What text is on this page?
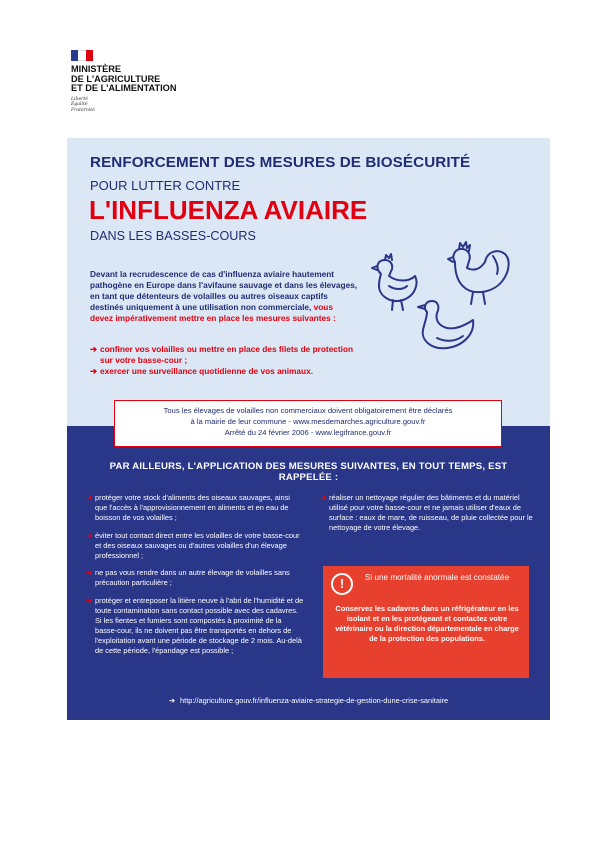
MINISTÈRE
DE L'AGRICULTURE
ET DE L'ALIMENTATION
Liberté
Égalité
Fraternité
RENFORCEMENT DES MESURES DE BIOSÉCURITÉ
POUR LUTTER CONTRE
L'INFLUENZA AVIAIRE
DANS LES BASSES-COURS
Devant la recrudescence de cas d'influenza aviaire hautement pathogène en Europe dans l'avifaune sauvage et dans les élevages, en tant que détenteurs de volailles ou autres oiseaux captifs destinés uniquement à une utilisation non commerciale, vous devez impérativement mettre en place les mesures suivantes :
➔ confiner vos volailles ou mettre en place des filets de protection sur votre basse-cour ;
➔ exercer une surveillance quotidienne de vos animaux.
PAR AILLEURS, L'APPLICATION DES MESURES SUIVANTES, EN TOUT TEMPS, EST RAPPELÉE :
➔ protéger votre stock d'aliments des oiseaux sauvages, ainsi que l'accès à l'approvisionnement en aliments et en eau de boisson de vos volailles ;
➔ éviter tout contact direct entre les volailles de votre basse-cour et des oiseaux sauvages ou d'autres volailles d'un élevage professionnel ;
➔ ne pas vous rendre dans un autre élevage de volailles sans précaution particulière ;
➔ protéger et entreposer la litière neuve à l'abri de l'humidité et de toute contamination sans contact possible avec des cadavres. Si les fientes et fumiers sont compostés à proximité de la basse-cour, ils ne doivent pas être transportés en dehors de l'exploitation avant une période de stockage de 2 mois. Au-delà de cette période, l'épandage est possible ;
➔ réaliser un nettoyage régulier des bâtiments et du matériel utilisé pour votre basse-cour et ne jamais utiliser d'eaux de surface : eaux de mare, de ruisseau, de pluie collectée pour le nettoyage de votre élevage.
!	Si une mortalité anormale est constatée
Conservez les cadavres dans un réfrigérateur en les isolant et en les protégeant et contactez votre vétérinaire ou la direction départementale en charge de la protection des populations.
➔ http://agriculture.gouv.fr/influenza-aviaire-strategie-de-gestion-dune-crise-sanitaire
Tous les élevages de volailles non commerciaux doivent obligatoirement être déclarés
à la mairie de leur commune - www.mesdemarches.agriculture.gouv.fr
Arrêté du 24 février 2006 - www.legifrance.gouv.fr
